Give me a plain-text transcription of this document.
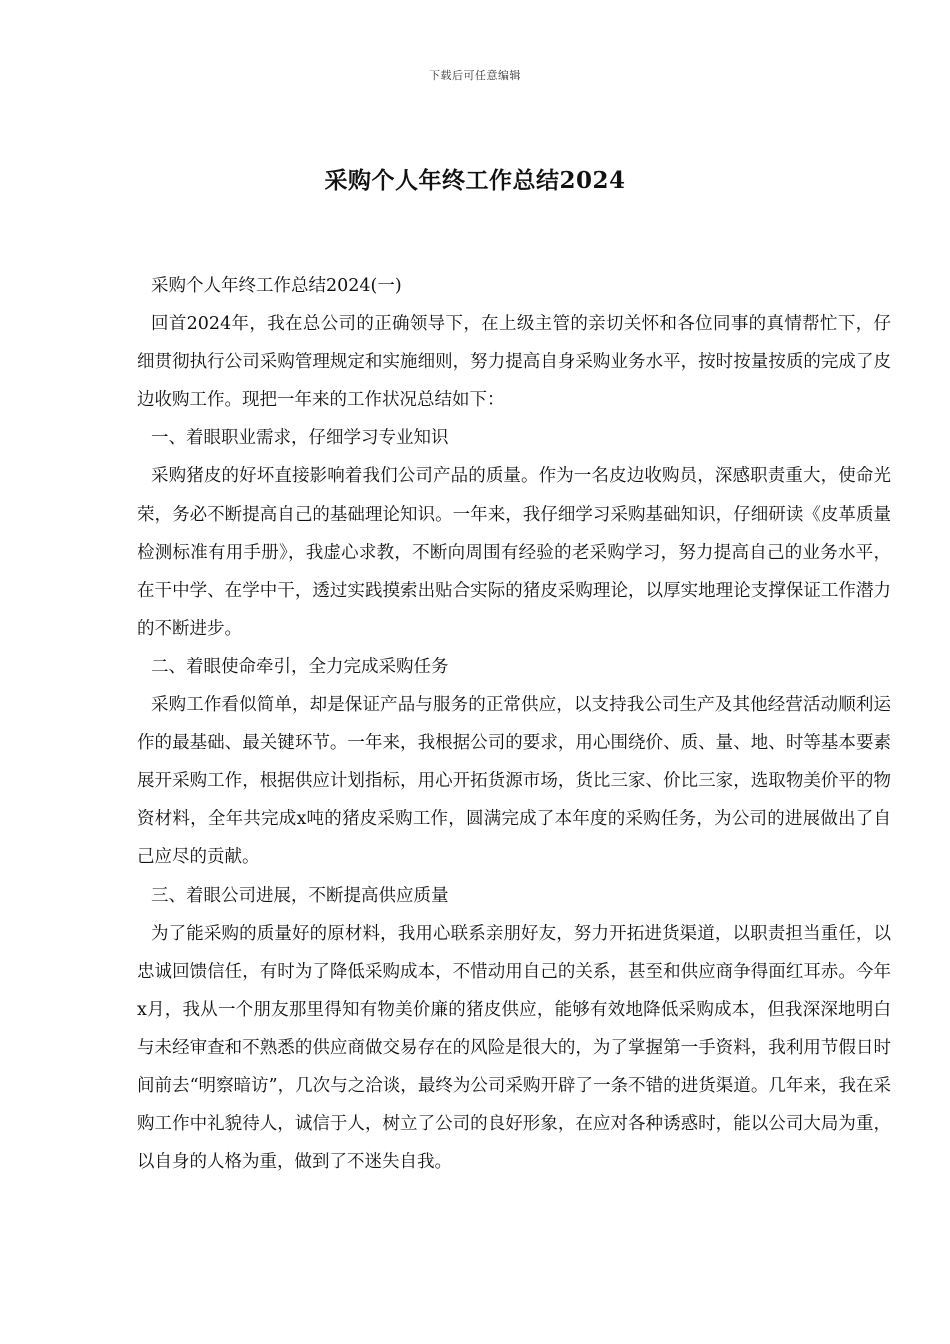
下载后可任意编辑
采购个人年终工作总结2024

采购个人年终工作总结2024(一)

回首2024年，我在总公司的正确领导下，在上级主管的亲切关怀和各位同事的真情帮忙下，仔细贯彻执行公司采购管理规定和实施细则，努力提高自身采购业务水平，按时按量按质的完成了皮边收购工作。现把一年来的工作状况总结如下：

一、着眼职业需求，仔细学习专业知识

采购猪皮的好坏直接影响着我们公司产品的质量。作为一名皮边收购员，深感职责重大，使命光荣，务必不断提高自己的基础理论知识。一年来，我仔细学习采购基础知识，仔细研读《皮革质量检测标准有用手册》，我虚心求教，不断向周围有经验的老采购学习，努力提高自己的业务水平，在干中学、在学中干，透过实践摸索出贴合实际的猪皮采购理论，以厚实地理论支撑保证工作潜力的不断进步。

二、着眼使命牵引，全力完成采购任务

采购工作看似简单，却是保证产品与服务的正常供应，以支持我公司生产及其他经营活动顺利运作的最基础、最关键环节。一年来，我根据公司的要求，用心围绕价、质、量、地、时等基本要素展开采购工作，根据供应计划指标，用心开拓货源市场，货比三家、价比三家，选取物美价平的物资材料，全年共完成x吨的猪皮采购工作，圆满完成了本年度的采购任务，为公司的进展做出了自己应尽的贡献。

三、着眼公司进展，不断提高供应质量

为了能采购的质量好的原材料，我用心联系亲朋好友，努力开拓进货渠道，以职责担当重任，以忠诚回馈信任，有时为了降低采购成本，不惜动用自己的关系，甚至和供应商争得面红耳赤。今年x月，我从一个朋友那里得知有物美价廉的猪皮供应，能够有效地降低采购成本，但我深深地明白与未经审查和不熟悉的供应商做交易存在的风险是很大的，为了掌握第一手资料，我利用节假日时间前去“明察暗访”，几次与之洽谈，最终为公司采购开辟了一条不错的进货渠道。几年来，我在采购工作中礼貌待人，诚信于人，树立了公司的良好形象，在应对各种诱惑时，能以公司大局为重，以自身的人格为重，做到了不迷失自我。
